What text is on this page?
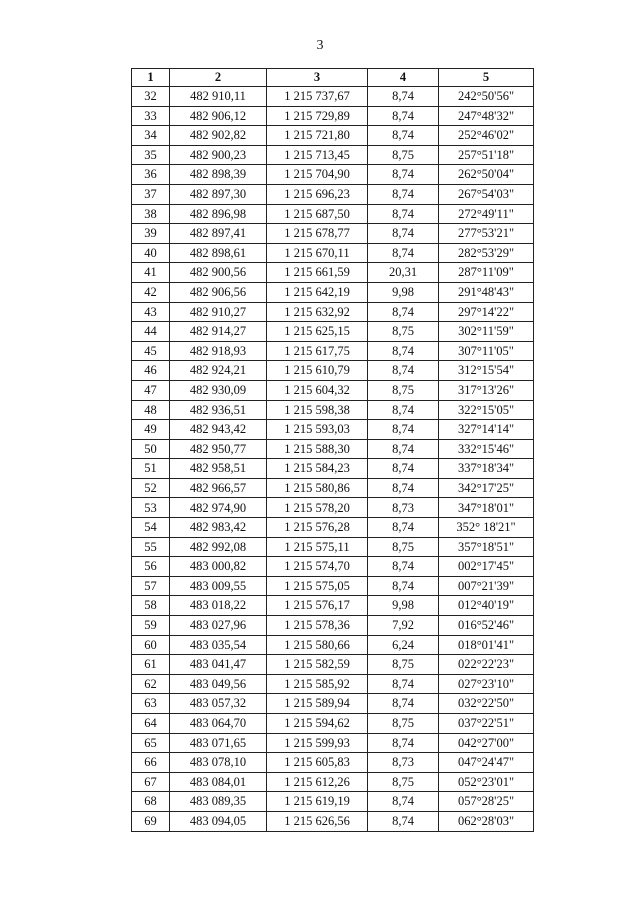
3
1	2	3	4	5
32	482 910,11	1 215 737,67	8,74	242°50'56"
33	482 906,12	1 215 729,89	8,74	247°48'32"
34	482 902,82	1 215 721,80	8,74	252°46'02"
35	482 900,23	1 215 713,45	8,75	257°51'18"
36	482 898,39	1 215 704,90	8,74	262°50'04"
37	482 897,30	1 215 696,23	8,74	267°54'03"
38	482 896,98	1 215 687,50	8,74	272°49'11"
39	482 897,41	1 215 678,77	8,74	277°53'21"
40	482 898,61	1 215 670,11	8,74	282°53'29"
41	482 900,56	1 215 661,59	20,31	287°11'09"
42	482 906,56	1 215 642,19	9,98	291°48'43"
43	482 910,27	1 215 632,92	8,74	297°14'22"
44	482 914,27	1 215 625,15	8,75	302°11'59"
45	482 918,93	1 215 617,75	8,74	307°11'05"
46	482 924,21	1 215 610,79	8,74	312°15'54"
47	482 930,09	1 215 604,32	8,75	317°13'26"
48	482 936,51	1 215 598,38	8,74	322°15'05"
49	482 943,42	1 215 593,03	8,74	327°14'14"
50	482 950,77	1 215 588,30	8,74	332°15'46"
51	482 958,51	1 215 584,23	8,74	337°18'34"
52	482 966,57	1 215 580,86	8,74	342°17'25"
53	482 974,90	1 215 578,20	8,73	347°18'01"
54	482 983,42	1 215 576,28	8,74	352° 18'21"
55	482 992,08	1 215 575,11	8,75	357°18'51"
56	483 000,82	1 215 574,70	8,74	002°17'45"
57	483 009,55	1 215 575,05	8,74	007°21'39"
58	483 018,22	1 215 576,17	9,98	012°40'19"
59	483 027,96	1 215 578,36	7,92	016°52'46"
60	483 035,54	1 215 580,66	6,24	018°01'41"
61	483 041,47	1 215 582,59	8,75	022°22'23"
62	483 049,56	1 215 585,92	8,74	027°23'10"
63	483 057,32	1 215 589,94	8,74	032°22'50"
64	483 064,70	1 215 594,62	8,75	037°22'51"
65	483 071,65	1 215 599,93	8,74	042°27'00"
66	483 078,10	1 215 605,83	8,73	047°24'47"
67	483 084,01	1 215 612,26	8,75	052°23'01"
68	483 089,35	1 215 619,19	8,74	057°28'25"
69	483 094,05	1 215 626,56	8,74	062°28'03"
